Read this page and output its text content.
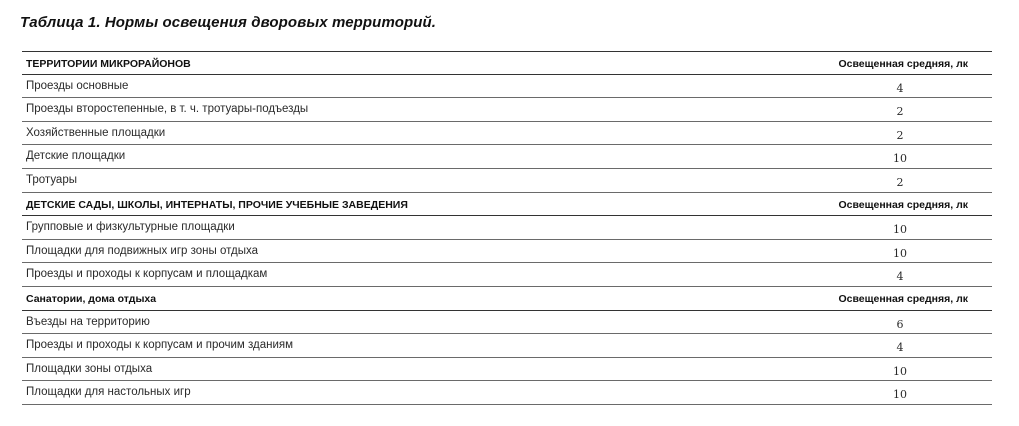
Таблица 1. Нормы освещения дворовых территорий.
ТЕРРИТОРИИ МИКРОРАЙОНОВ	Освещенная средняя, лк
Проезды основные	4
Проезды второстепенные, в т. ч. тротуары-подъезды	2
Хозяйственные площадки	2
Детские площадки	10
Тротуары	2
ДЕТСКИЕ САДЫ, ШКОЛЫ, ИНТЕРНАТЫ, ПРОЧИЕ УЧЕБНЫЕ ЗАВЕДЕНИЯ	Освещенная средняя, лк
Групповые и физкультурные площадки	10
Площадки для подвижных игр зоны отдыха	10
Проезды и проходы к корпусам и площадкам	4
Санатории, дома отдыха	Освещенная средняя, лк
Въезды на территорию	6
Проезды и проходы к корпусам и прочим зданиям	4
Площадки зоны отдыха	10
Площадки для настольных игр	10
